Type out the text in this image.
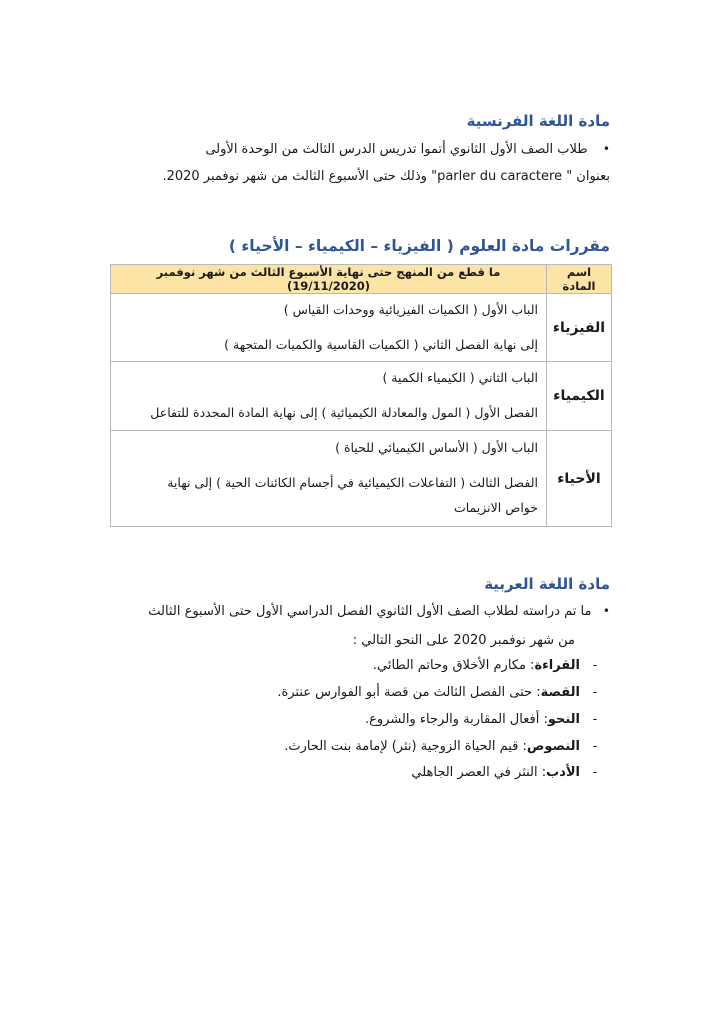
مادة اللغة الفرنسية

•    طلاب الصف الأول الثانوي أتموا تدريس الدرس الثالث من الوحدة الأولى

بعنوان " parler du caractere" وذلك حتى الأسبوع الثالث من شهر نوفمبر 2020.

مقررات مادة العلوم ( الفيزياء – الكيمياء – الأحياء )
اسم المادة	ما قطع من المنهج حتى نهاية الأسبوع الثالث من شهر نوفمبر (19/11/2020)
الفيزياء	الباب الأول ( الكميات الفيزيائية ووحدات القياس )
إلى نهاية الفصل الثاني ( الكميات القاسية والكميات المتجهة )

الكيمياء	الباب الثاني ( الكيمياء الكمية )
الفصل الأول ( المول والمعادلة الكيميائية ) إلى نهاية المادة المحددة للتفاعل

الأحياء	الباب الأول ( الأساس الكيميائي للحياة )
الفصل الثالث ( التفاعلات الكيميائية في أجسام الكائنات الحية ) إلى نهاية
خواص الانزيمات
مادة اللغة العربية

•   ما تم دراسته لطلاب الصف الأول الثانوي الفصل الدراسي الأول حتى الأسبوع الثالث

من شهر نوفمبر 2020 على النحو التالي :

-القراءة: مكارم الأخلاق وحاتم الطائي.

-القصة: حتى الفصل الثالث من قصة أبو الفوارس عنترة.

-النحو: أفعال المقاربة والرجاء والشروع.

-النصوص: قيم الحياة الزوجية (نثر) لإمامة بنت الحارث.

-الأدب: النثر في العصر الجاهلي
